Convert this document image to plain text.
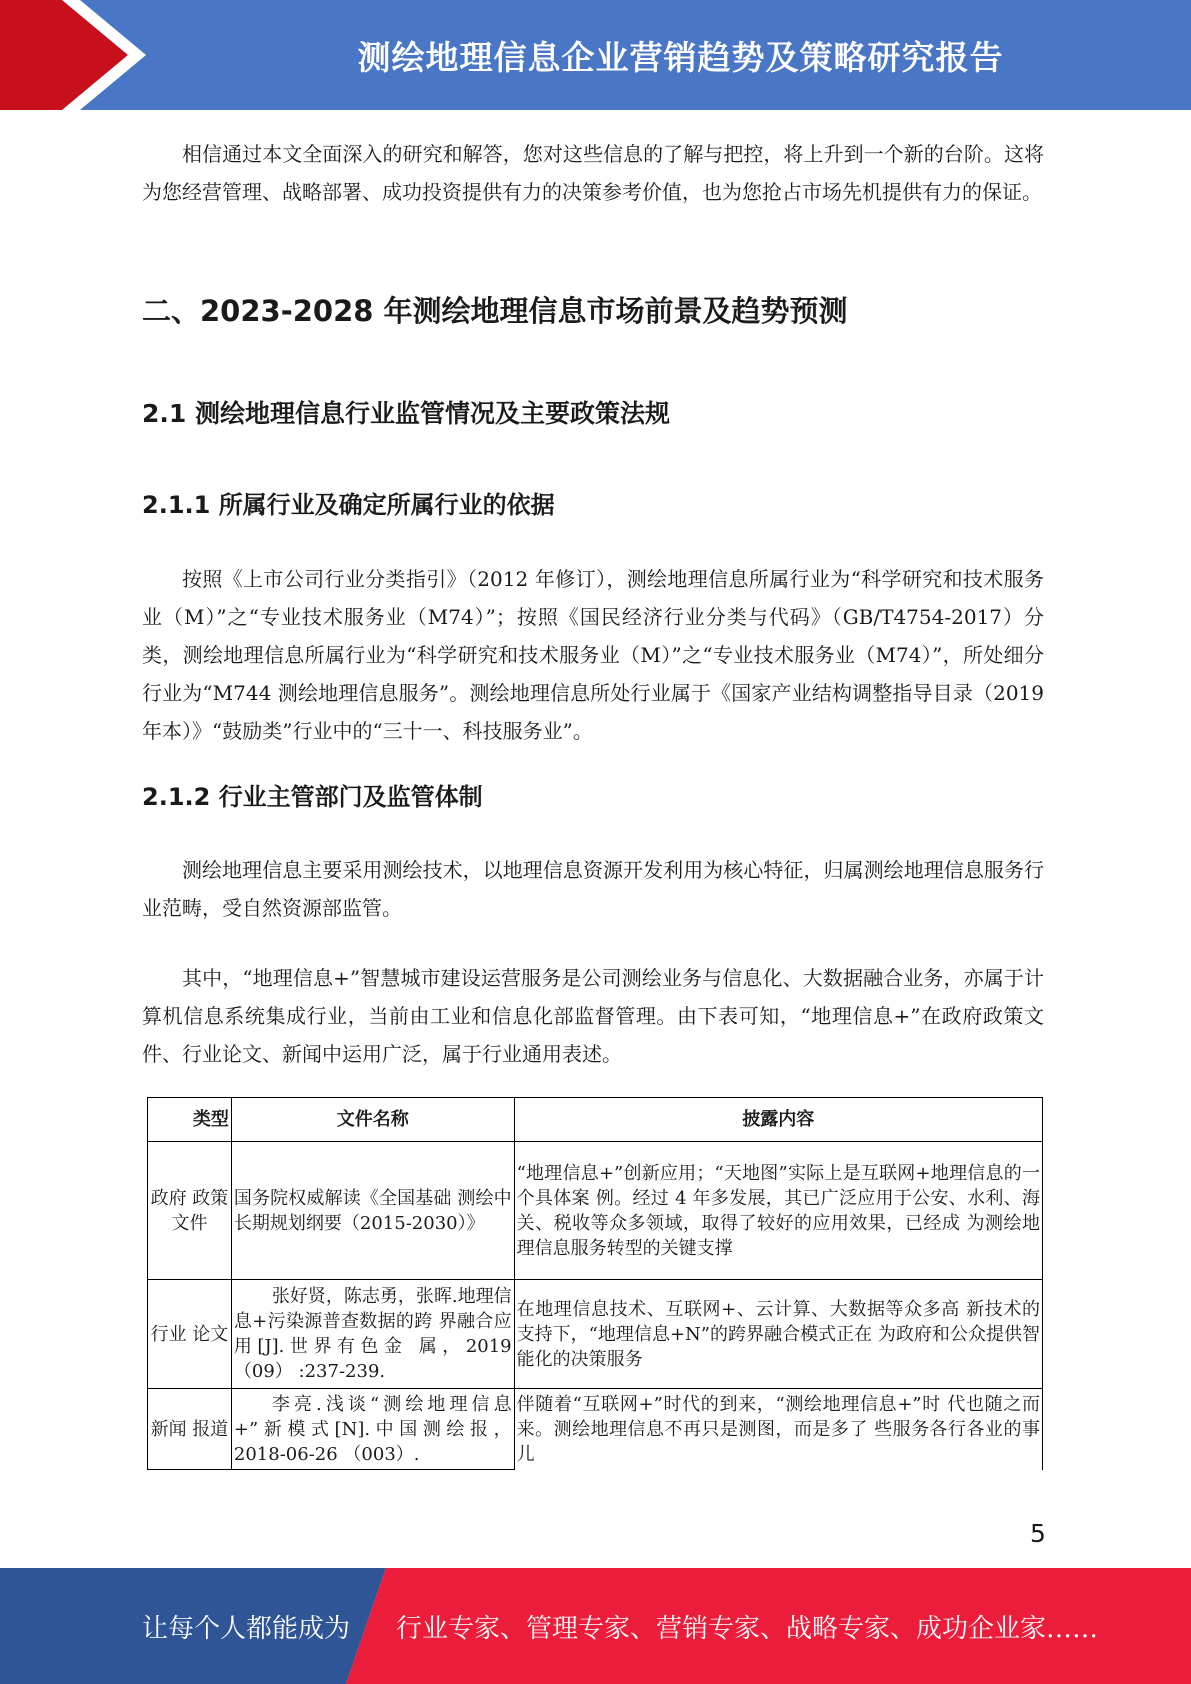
测绘地理信息企业营销趋势及策略研究报告

相信通过本文全面深入的研究和解答，您对这些信息的了解与把控，将上升到一个新的台阶。这将为您经营管理、战略部署、成功投资提供有力的决策参考价值，也为您抢占市场先机提供有力的保证。

二、2023-2028 年测绘地理信息市场前景及趋势预测
2.1 测绘地理信息行业监管情况及主要政策法规
2.1.1 所属行业及确定所属行业的依据

按照《上市公司行业分类指引》（2012 年修订），测绘地理信息所属行业为“科学研究和技术服务业（M）”之“专业技术服务业（M74）”；按照《国民经济行业分类与代码》（GB/T4754-2017）分类，测绘地理信息所属行业为“科学研究和技术服务业（M）”之“专业技术服务业（M74）”，所处细分行业为“M744 测绘地理信息服务”。测绘地理信息所处行业属于《国家产业结构调整指导目录（2019 年本）》“鼓励类”行业中的“三十一、科技服务业”。

2.1.2 行业主管部门及监管体制

测绘地理信息主要采用测绘技术，以地理信息资源开发利用为核心特征，归属测绘地理信息服务行业范畴，受自然资源部监管。

其中，“地理信息+”智慧城市建设运营服务是公司测绘业务与信息化、大数据融合业务，亦属于计算机信息系统集成行业，当前由工业和信息化部监督管理。由下表可知，“地理信息+”在政府政策文件、行业论文、新闻中运用广泛，属于行业通用表述。

类型	文件名称	披露内容
政府 政策 文件	国务院权威解读《全国基础 测绘中长期规划纲要（2015-2030）》	“地理信息+”创新应用；“天地图”实际上是互联网+地理信息的一个具体案 例。经过 4 年多发展，其已广泛应用于公安、水利、海 关、税收等众多领域，取得了较好的应用效果，已经成 为测绘地理信息服务转型的关键支撑
行业 论文	张好贤，陈志勇，张晖.地理信息+污染源普查数据的跨 界融合应用[J].世界有色金 属，2019（09） :237-239.	在地理信息技术、互联网+、云计算、大数据等众多高 新技术的支持下，“地理信息+N”的跨界融合模式正在 为政府和公众提供智能化的决策服务
新闻 报道	李亮.浅谈“测绘地理信息 +”新模式[N].中国测绘报， 2018-06-26 （003）.	伴随着“互联网+”时代的到来，“测绘地理信息+”时 代也随之而来。测绘地理信息不再只是测图，而是多了 些服务各行各业的事儿
5
让每个人都能成为 行业专家、管理专家、营销专家、战略专家、成功企业家……
